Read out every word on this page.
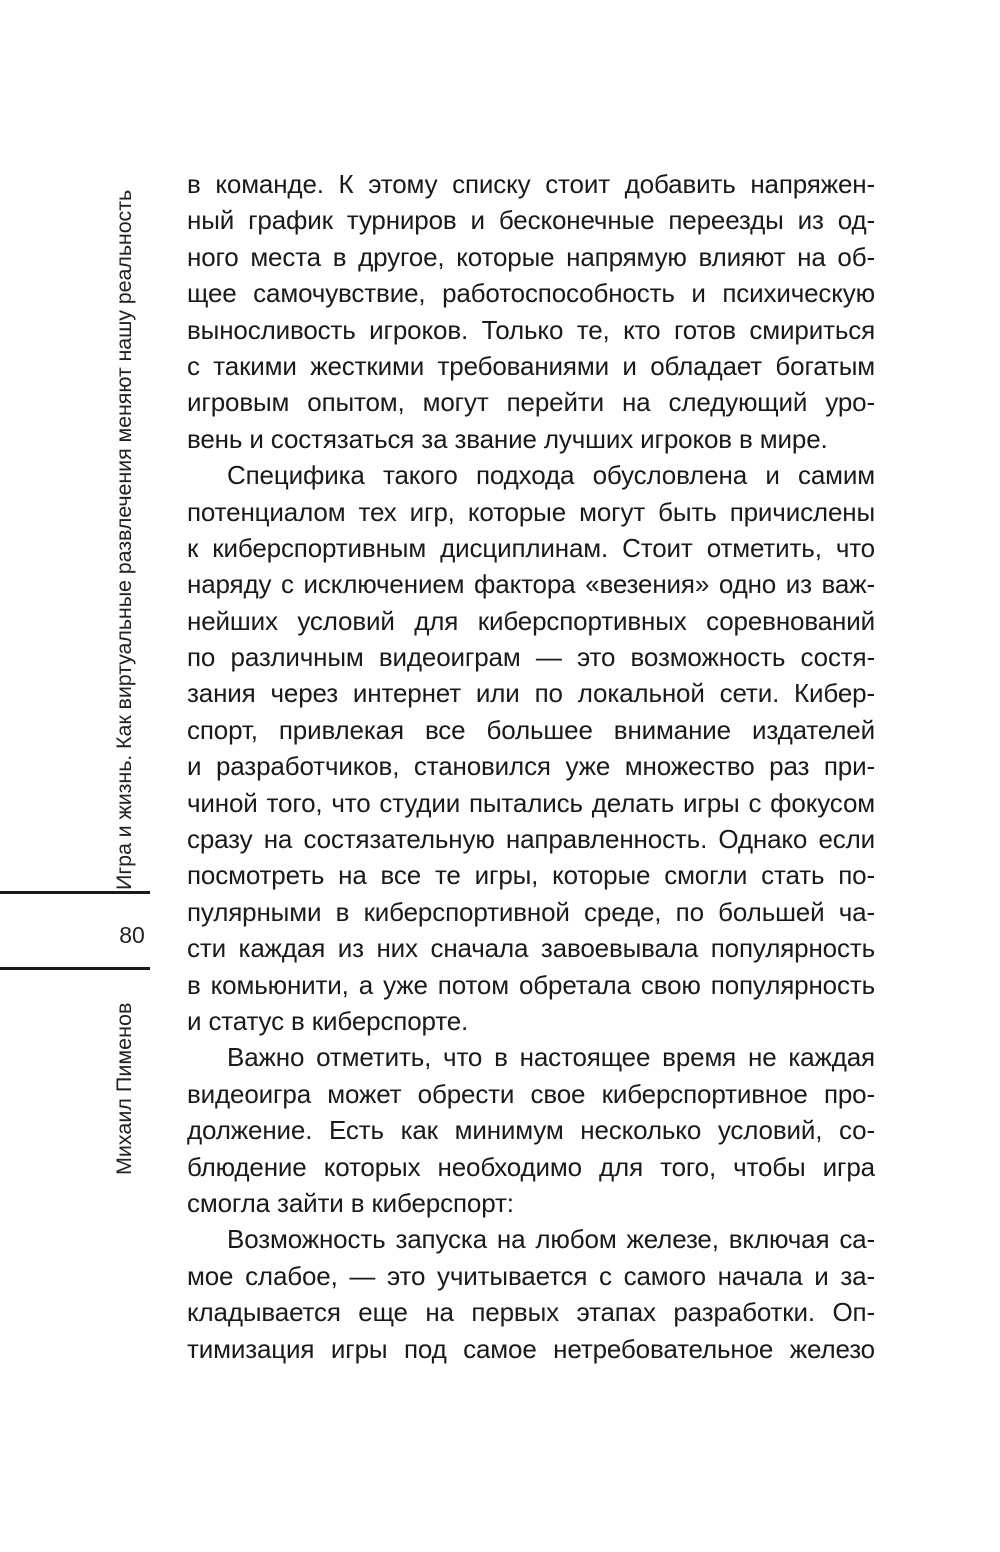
Игра и жизнь. Как виртуальные развлечения меняют нашу реальность
80
Михаил Пименов
в команде. К этому списку стоит добавить напряжен-
ный график турниров и бесконечные переезды из од-
ного места в другое, которые напрямую влияют на об-
щее самочувствие, работоспособность и психическую
выносливость игроков. Только те, кто готов смириться
с такими жесткими требованиями и обладает богатым
игровым опытом, могут перейти на следующий уро-
вень и состязаться за звание лучших игроков в мире.
Специфика такого подхода обусловлена и самим
потенциалом тех игр, которые могут быть причислены
к киберспортивным дисциплинам. Стоит отметить, что
наряду с исключением фактора «везения» одно из важ-
нейших условий для киберспортивных соревнований
по различным видеоиграм — это возможность состя-
зания через интернет или по локальной сети. Кибер-
спорт, привлекая все большее внимание издателей
и разработчиков, становился уже множество раз при-
чиной того, что студии пытались делать игры с фокусом
сразу на состязательную направленность. Однако если
посмотреть на все те игры, которые смогли стать по-
пулярными в киберспортивной среде, по большей ча-
сти каждая из них сначала завоевывала популярность
в комьюнити, а уже потом обретала свою популярность
и статус в киберспорте.
Важно отметить, что в настоящее время не каждая
видеоигра может обрести свое киберспортивное про-
должение. Есть как минимум несколько условий, со-
блюдение которых необходимо для того, чтобы игра
смогла зайти в киберспорт:
Возможность запуска на любом железе, включая са-
мое слабое, — это учитывается с самого начала и за-
кладывается еще на первых этапах разработки. Оп-
тимизация игры под самое нетребовательное железо
